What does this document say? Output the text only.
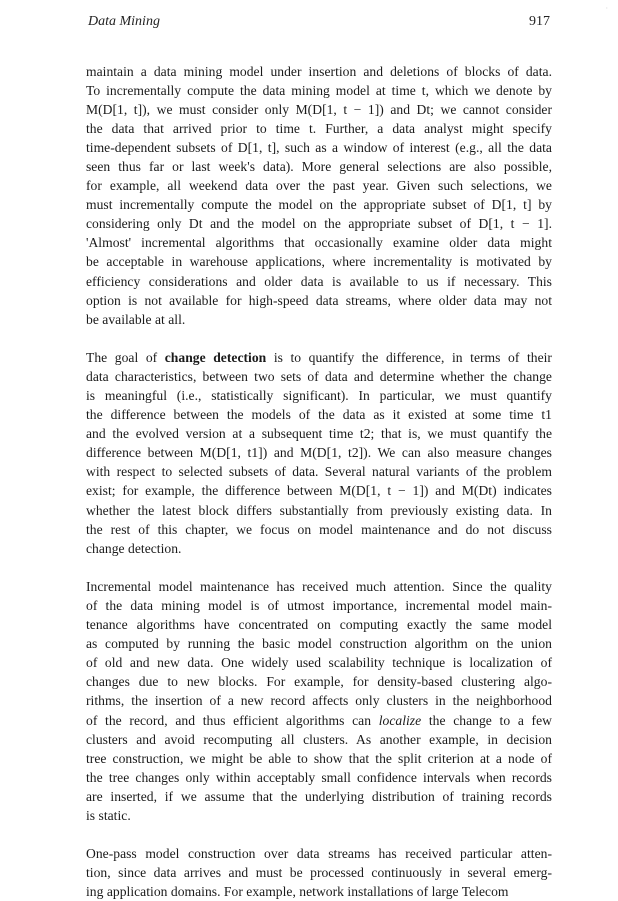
Data Mining	917
·
maintain a data mining model under insertion and deletions of blocks of data.
To incrementally compute the data mining model at time t, which we denote by
M(D[1, t]), we must consider only M(D[1, t − 1]) and Dt; we cannot consider
the data that arrived prior to time t. Further, a data analyst might specify
time-dependent subsets of D[1, t], such as a window of interest (e.g., all the data
seen thus far or last week's data). More general selections are also possible,
for example, all weekend data over the past year. Given such selections, we
must incrementally compute the model on the appropriate subset of D[1, t] by
considering only Dt and the model on the appropriate subset of D[1, t − 1].
'Almost' incremental algorithms that occasionally examine older data might
be acceptable in warehouse applications, where incrementality is motivated by
efficiency considerations and older data is available to us if necessary. This
option is not available for high-speed data streams, where older data may not
be available at all.
The goal of change detection is to quantify the difference, in terms of their
data characteristics, between two sets of data and determine whether the change
is meaningful (i.e., statistically significant). In particular, we must quantify
the difference between the models of the data as it existed at some time t1
and the evolved version at a subsequent time t2; that is, we must quantify the
difference between M(D[1, t1]) and M(D[1, t2]). We can also measure changes
with respect to selected subsets of data. Several natural variants of the problem
exist; for example, the difference between M(D[1, t − 1]) and M(Dt) indicates
whether the latest block differs substantially from previously existing data. In
the rest of this chapter, we focus on model maintenance and do not discuss
change detection.
Incremental model maintenance has received much attention. Since the quality
of the data mining model is of utmost importance, incremental model main-
tenance algorithms have concentrated on computing exactly the same model
as computed by running the basic model construction algorithm on the union
of old and new data. One widely used scalability technique is localization of
changes due to new blocks. For example, for density-based clustering algo-
rithms, the insertion of a new record affects only clusters in the neighborhood
of the record, and thus efficient algorithms can localize the change to a few
clusters and avoid recomputing all clusters. As another example, in decision
tree construction, we might be able to show that the split criterion at a node of
the tree changes only within acceptably small confidence intervals when records
are inserted, if we assume that the underlying distribution of training records
is static.
One-pass model construction over data streams has received particular atten-
tion, since data arrives and must be processed continuously in several emerg-
ing application domains. For example, network installations of large Telecom
